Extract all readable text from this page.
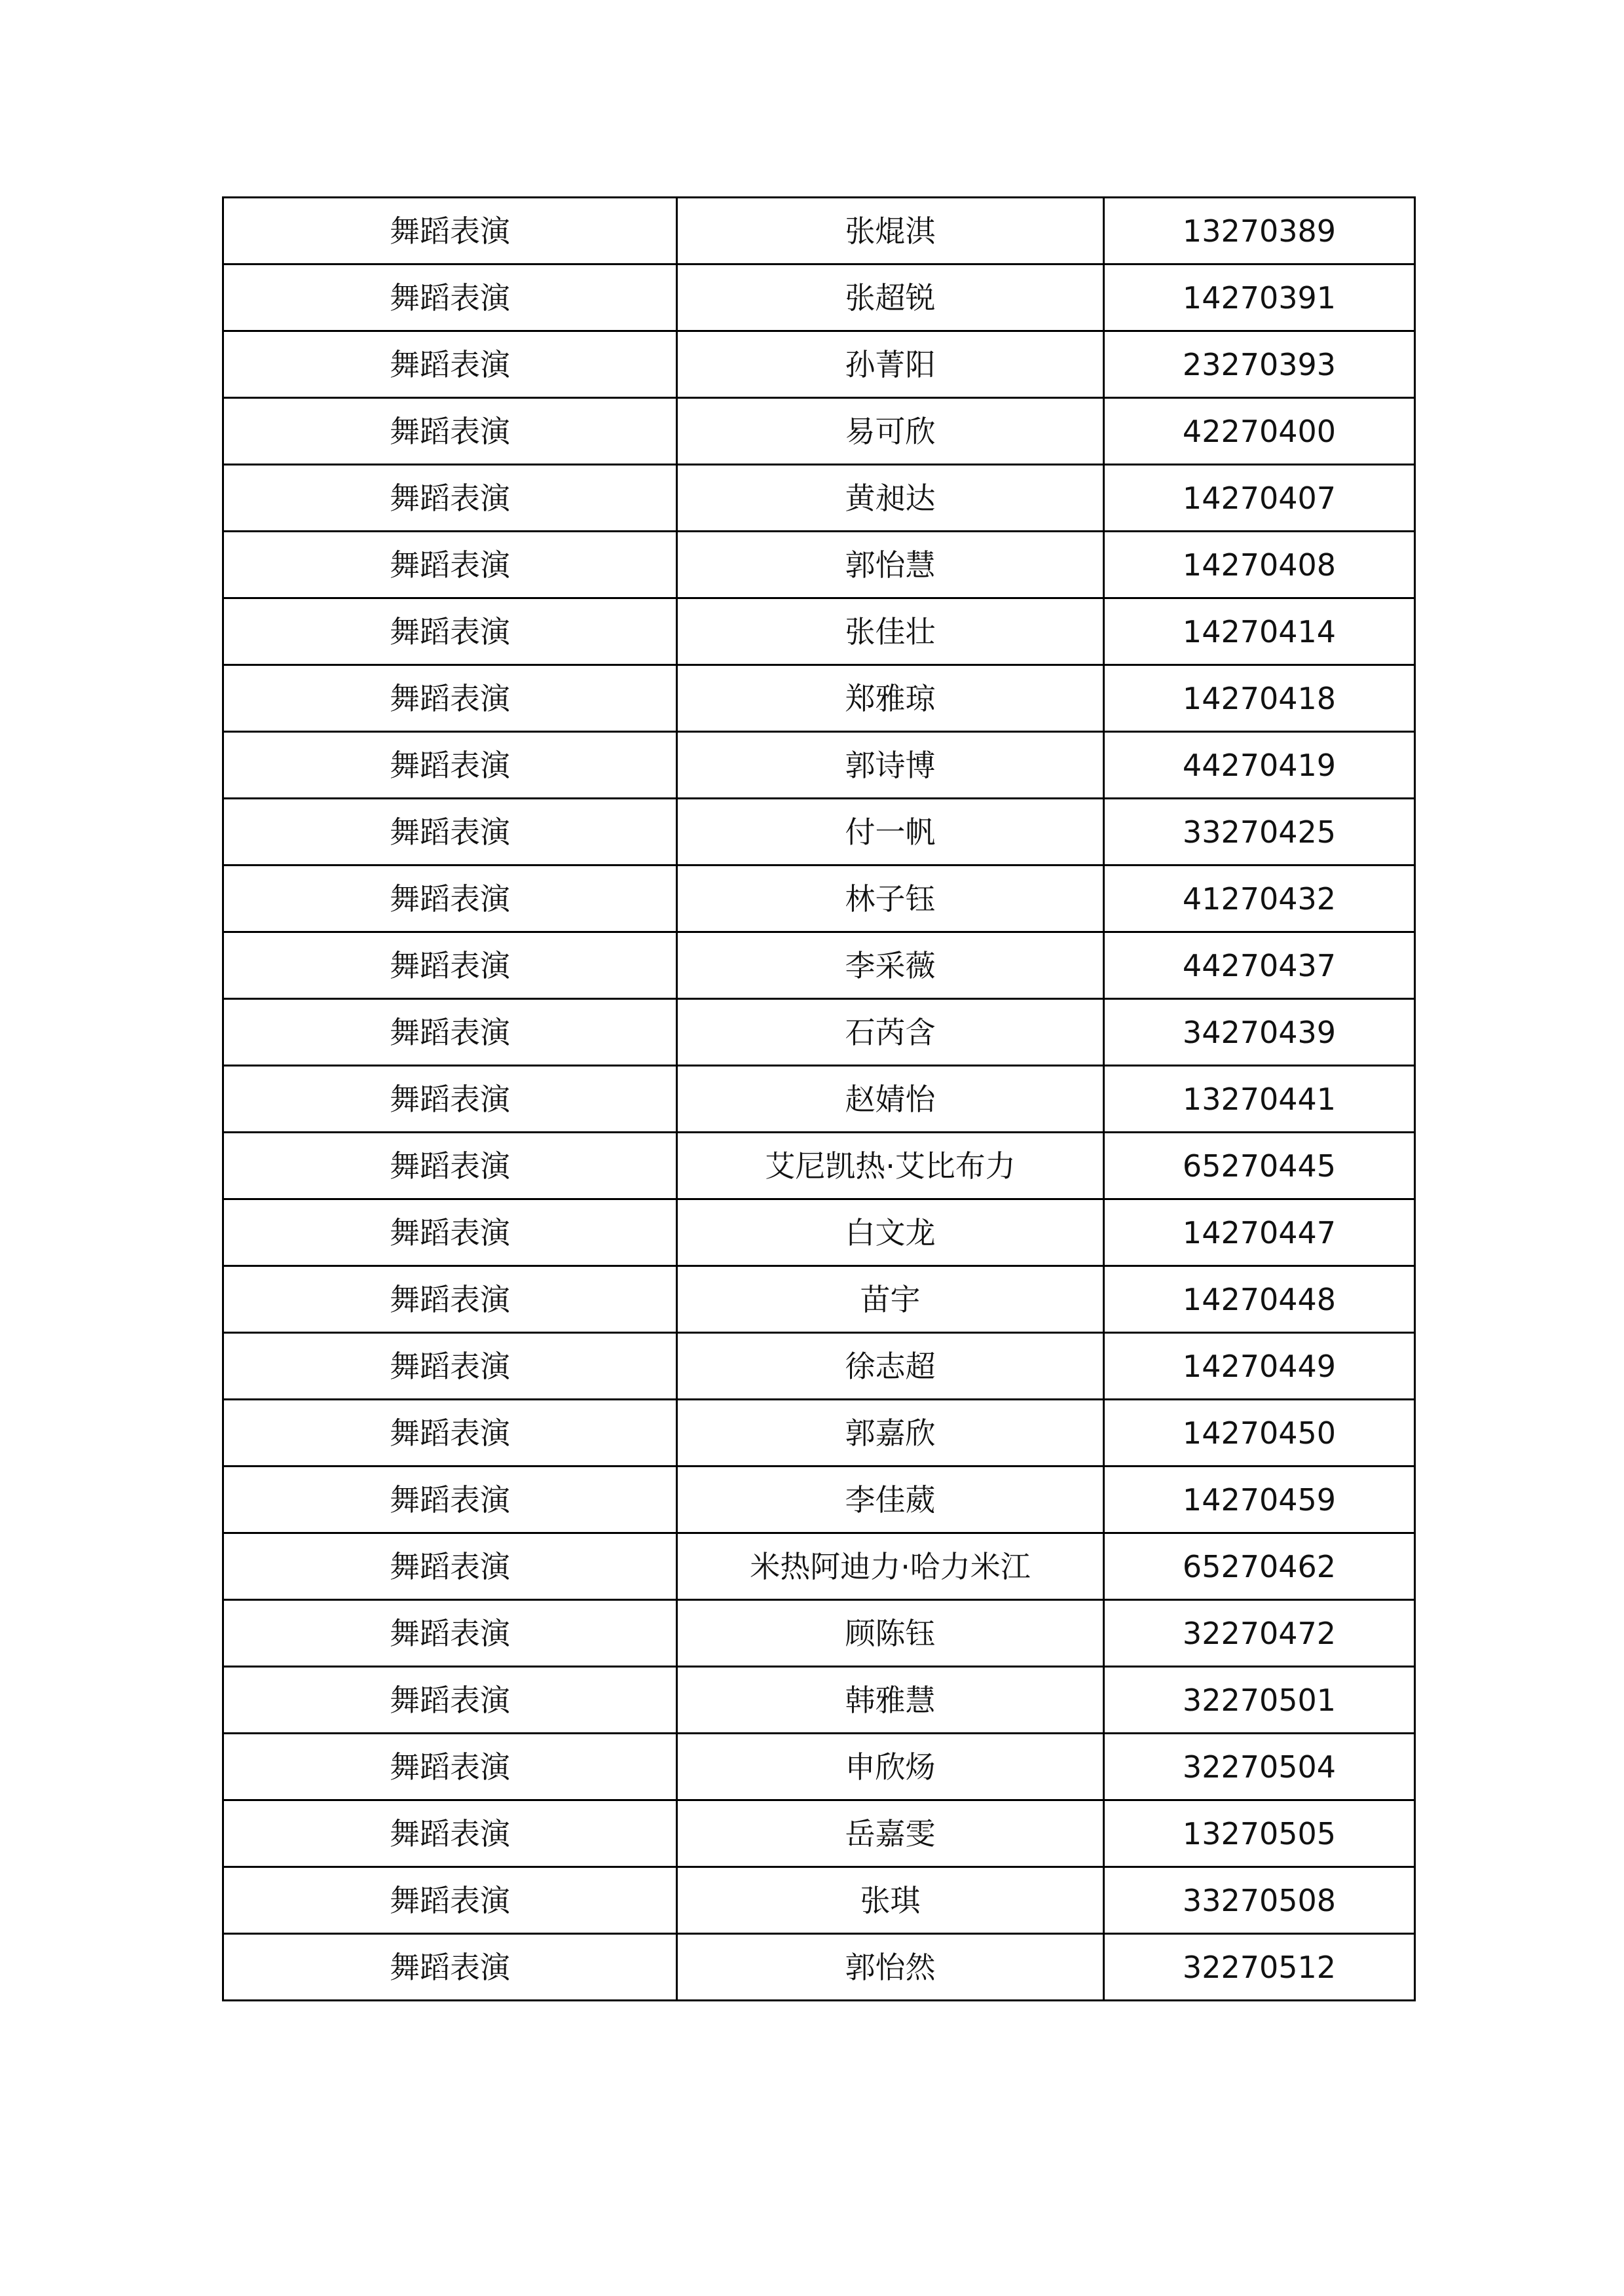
舞蹈表演	张焜淇	13270389
舞蹈表演	张超锐	14270391
舞蹈表演	孙菁阳	23270393
舞蹈表演	易可欣	42270400
舞蹈表演	黄昶达	14270407
舞蹈表演	郭怡慧	14270408
舞蹈表演	张佳壮	14270414
舞蹈表演	郑雅琼	14270418
舞蹈表演	郭诗博	44270419
舞蹈表演	付一帆	33270425
舞蹈表演	林子钰	41270432
舞蹈表演	李采薇	44270437
舞蹈表演	石芮含	34270439
舞蹈表演	赵婧怡	13270441
舞蹈表演	艾尼凯热·艾比布力	65270445
舞蹈表演	白文龙	14270447
舞蹈表演	苗宇	14270448
舞蹈表演	徐志超	14270449
舞蹈表演	郭嘉欣	14270450
舞蹈表演	李佳葳	14270459
舞蹈表演	米热阿迪力·哈力米江	65270462
舞蹈表演	顾陈钰	32270472
舞蹈表演	韩雅慧	32270501
舞蹈表演	申欣炀	32270504
舞蹈表演	岳嘉雯	13270505
舞蹈表演	张琪	33270508
舞蹈表演	郭怡然	32270512
